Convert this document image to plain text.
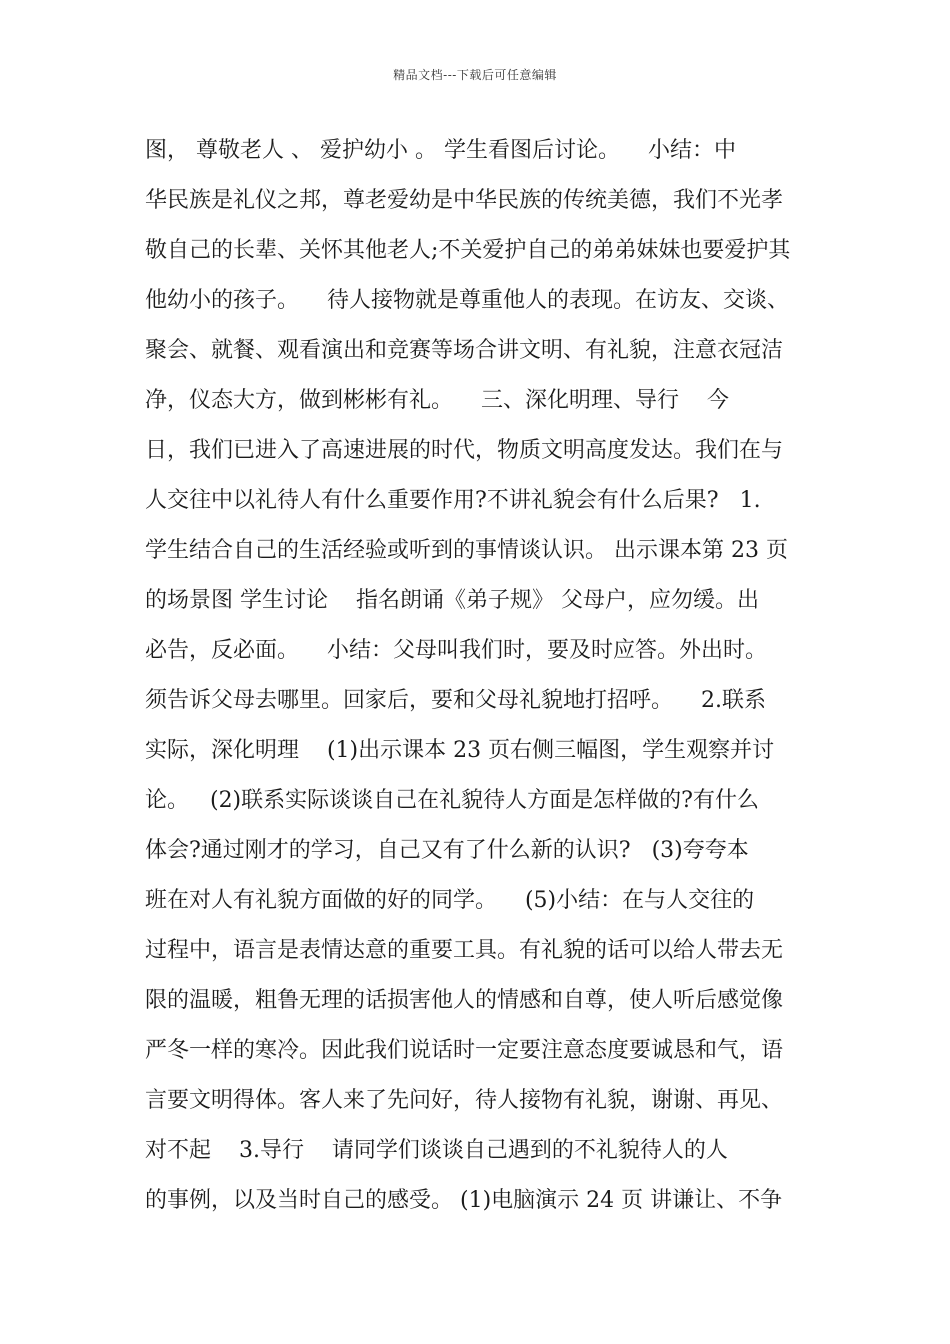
精品文档---下载后可任意编辑
图， 尊敬老人 、 爱护幼小 。 学生看图后讨论。    小结：中
华民族是礼仪之邦，尊老爱幼是中华民族的传统美德，我们不光孝
敬自己的长辈、关怀其他老人;不关爱护自己的弟弟妹妹也要爱护其
他幼小的孩子。    待人接物就是尊重他人的表现。在访友、交谈、
聚会、就餐、观看演出和竞赛等场合讲文明、有礼貌，注意衣冠洁
净，仪态大方，做到彬彬有礼。    三、深化明理、导行    今
日，我们已进入了高速进展的时代，物质文明高度发达。我们在与
人交往中以礼待人有什么重要作用?不讲礼貌会有什么后果?   1.
学生结合自己的生活经验或听到的事情谈认识。 出示课本第 23 页
的场景图 学生讨论    指名朗诵《弟子规》 父母户，应勿缓。出
必告，反必面。    小结：父母叫我们时，要及时应答。外出时。
须告诉父母去哪里。回家后，要和父母礼貌地打招呼。    2.联系
实际，深化明理    (1)出示课本 23 页右侧三幅图，学生观察并讨
论。   (2)联系实际谈谈自己在礼貌待人方面是怎样做的?有什么
体会?通过刚才的学习，自己又有了什么新的认识?   (3)夸夸本
班在对人有礼貌方面做的好的同学。    (5)小结：在与人交往的
过程中，语言是表情达意的重要工具。有礼貌的话可以给人带去无
限的温暖，粗鲁无理的话损害他人的情感和自尊，使人听后感觉像
严冬一样的寒冷。因此我们说话时一定要注意态度要诚恳和气，语
言要文明得体。客人来了先问好，待人接物有礼貌，谢谢、再见、
对不起    3.导行    请同学们谈谈自己遇到的不礼貌待人的人
的事例，以及当时自己的感受。 (1)电脑演示 24 页 讲谦让、不争
